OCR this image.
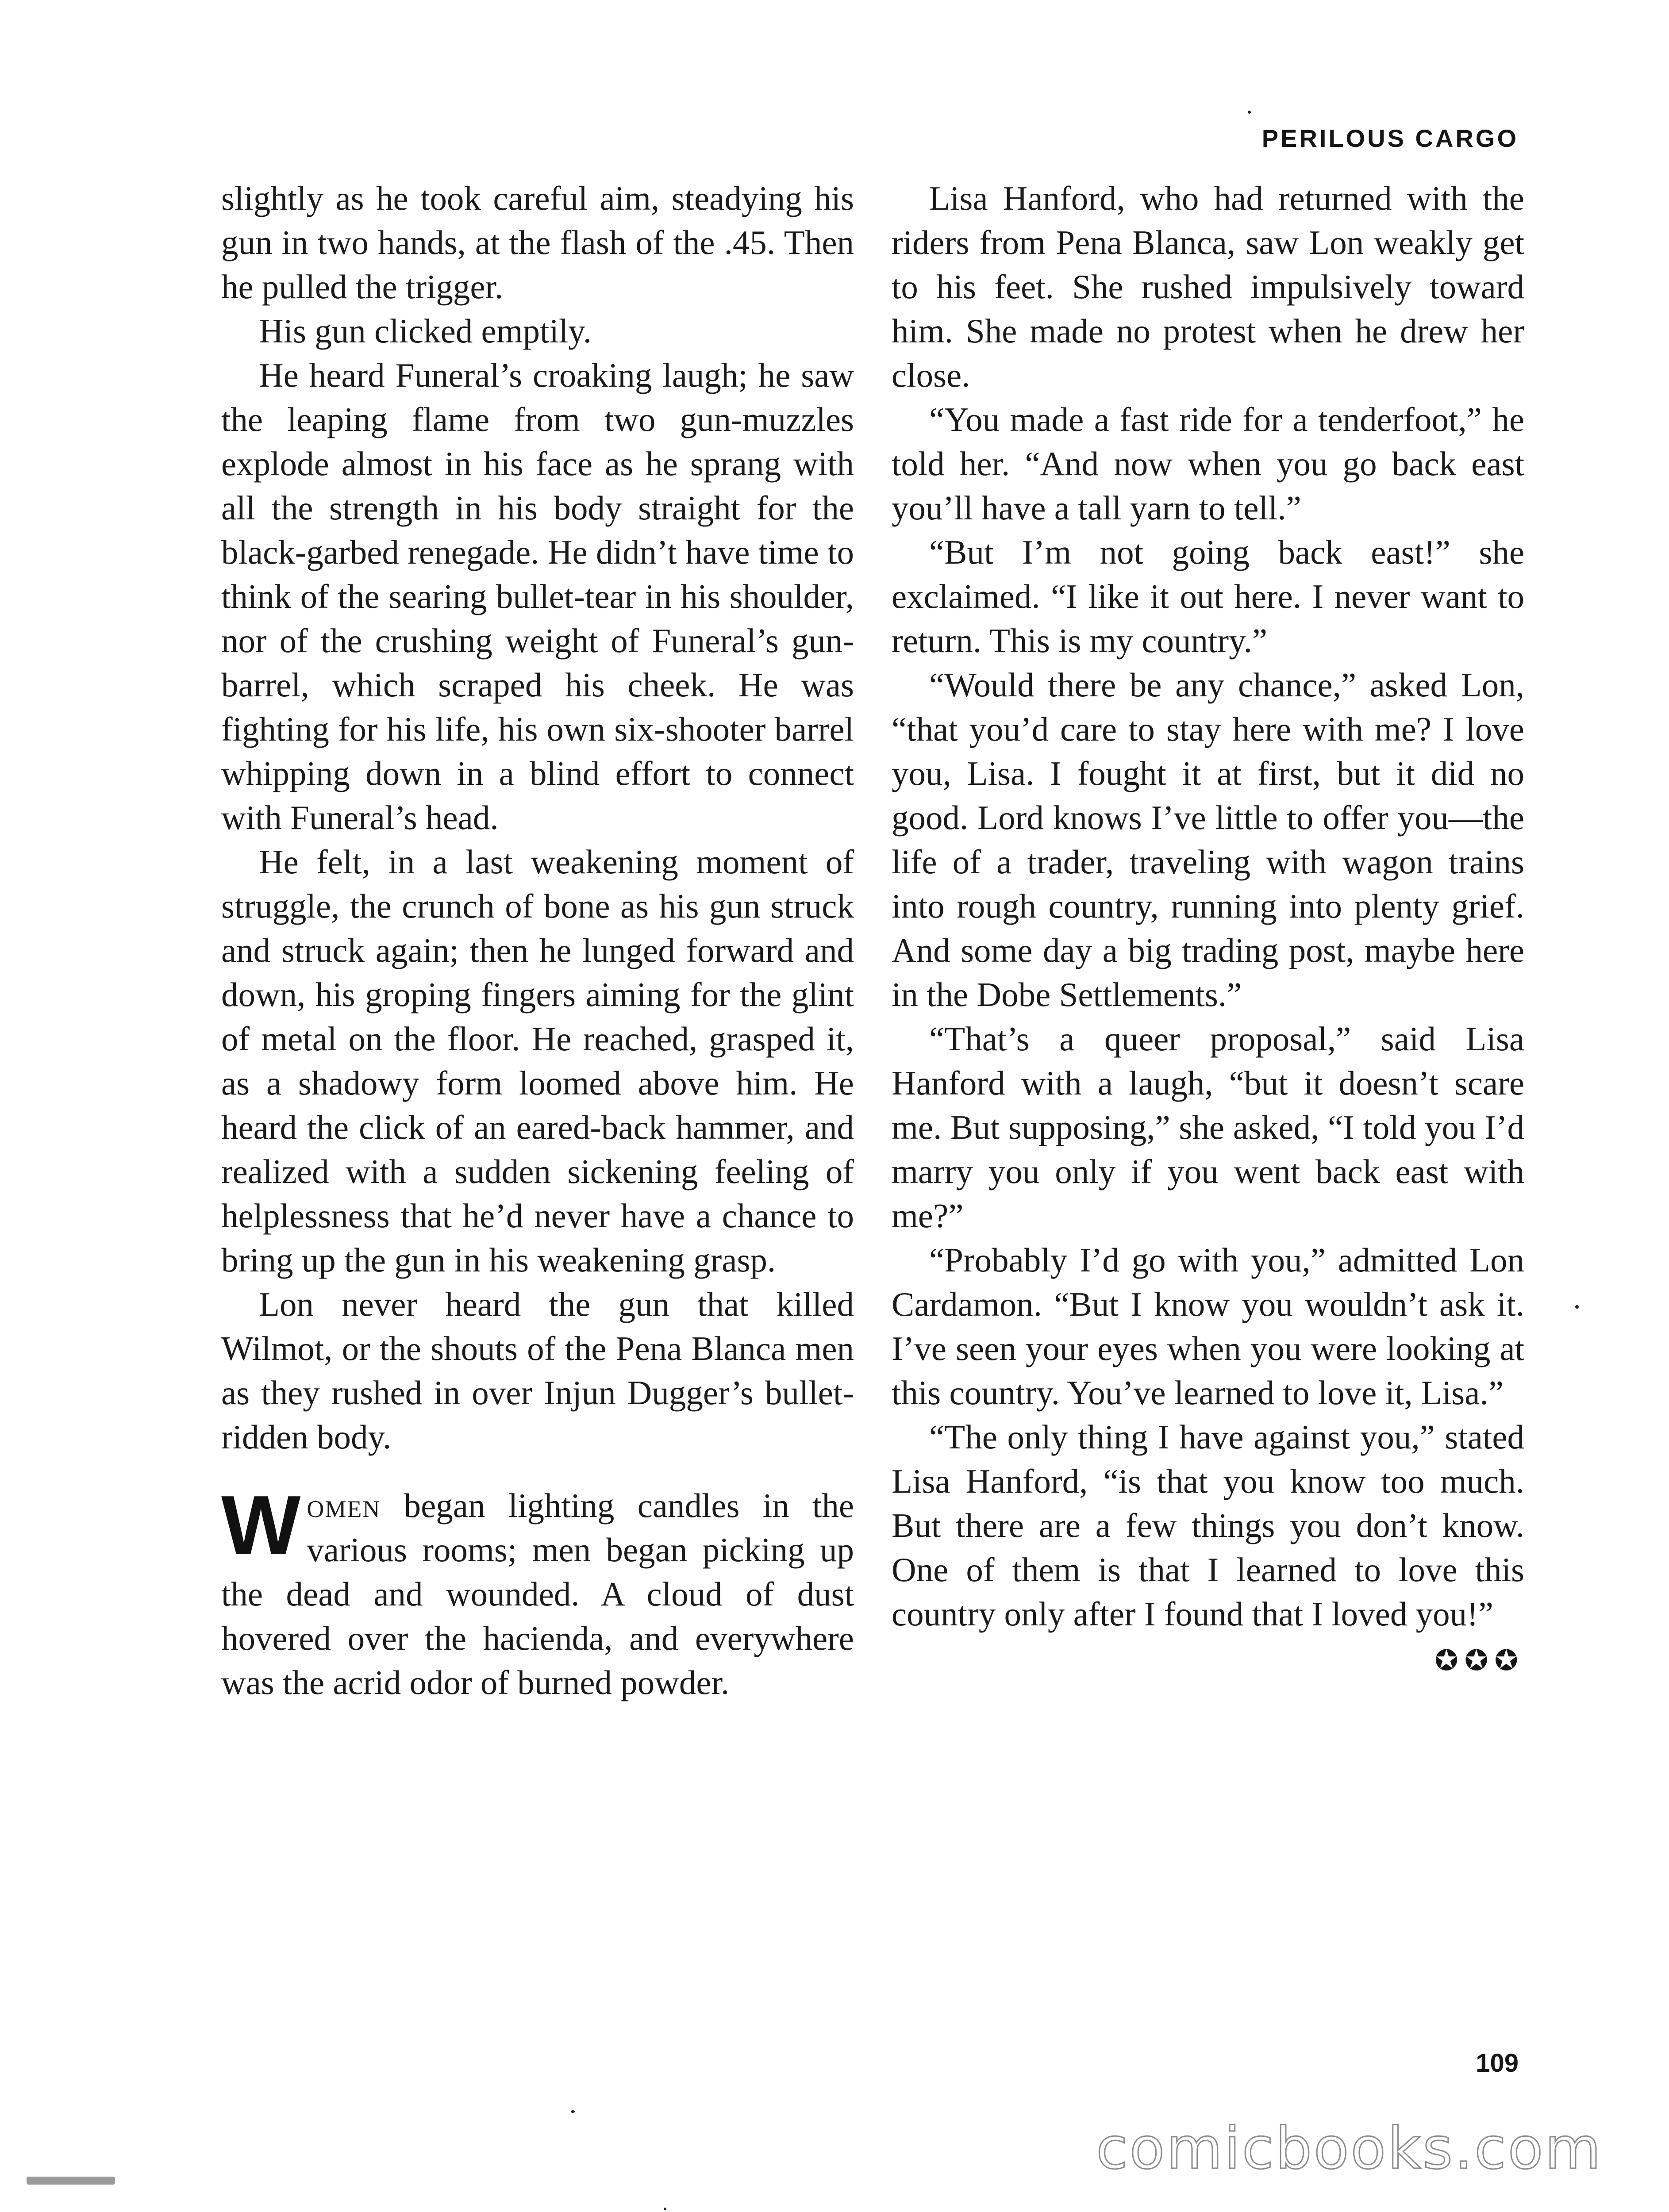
PERILOUS CARGO

slightly as he took careful aim, steadying his gun in two hands, at the flash of the .45. Then he pulled the trigger.

His gun clicked emptily.

He heard Funeral’s croaking laugh; he saw the leaping flame from two gun-muzzles explode almost in his face as he sprang with all the strength in his body straight for the black-garbed renegade. He didn’t have time to think of the searing bullet-tear in his shoulder, nor of the crushing weight of Funeral’s gun-barrel, which scraped his cheek. He was fighting for his life, his own six-shooter barrel whipping down in a blind effort to connect with Funeral’s head.

He felt, in a last weakening moment of struggle, the crunch of bone as his gun struck and struck again; then he lunged forward and down, his groping fingers aiming for the glint of metal on the floor. He reached, grasped it, as a shadowy form loomed above him. He heard the click of an eared-back hammer, and realized with a sudden sickening feeling of helplessness that he’d never have a chance to bring up the gun in his weakening grasp.

Lon never heard the gun that killed Wilmot, or the shouts of the Pena Blanca men as they rushed in over Injun Dugger’s bullet-ridden body.

Women began lighting candles in the various rooms; men began picking up the dead and wounded. A cloud of dust hovered over the hacienda, and everywhere was the acrid odor of burned powder.

Lisa Hanford, who had returned with the riders from Pena Blanca, saw Lon weakly get to his feet. She rushed impulsively toward him. She made no protest when he drew her close.

“You made a fast ride for a tenderfoot,” he told her. “And now when you go back east you’ll have a tall yarn to tell.”

“But I’m not going back east!” she exclaimed. “I like it out here. I never want to return. This is my country.”

“Would there be any chance,” asked Lon, “that you’d care to stay here with me? I love you, Lisa. I fought it at first, but it did no good. Lord knows I’ve little to offer you—the life of a trader, traveling with wagon trains into rough country, running into plenty grief. And some day a big trading post, maybe here in the Dobe Settlements.”

“That’s a queer proposal,” said Lisa Hanford with a laugh, “but it doesn’t scare me. But supposing,” she asked, “I told you I’d marry you only if you went back east with me?”

“Probably I’d go with you,” admitted Lon Cardamon. “But I know you wouldn’t ask it. I’ve seen your eyes when you were looking at this country. You’ve learned to love it, Lisa.”

“The only thing I have against you,” stated Lisa Hanford, “is that you know too much. But there are a few things you don’t know. One of them is that I learned to love this country only after I found that I loved you!”
✪✪✪

109
comicbooks.com
